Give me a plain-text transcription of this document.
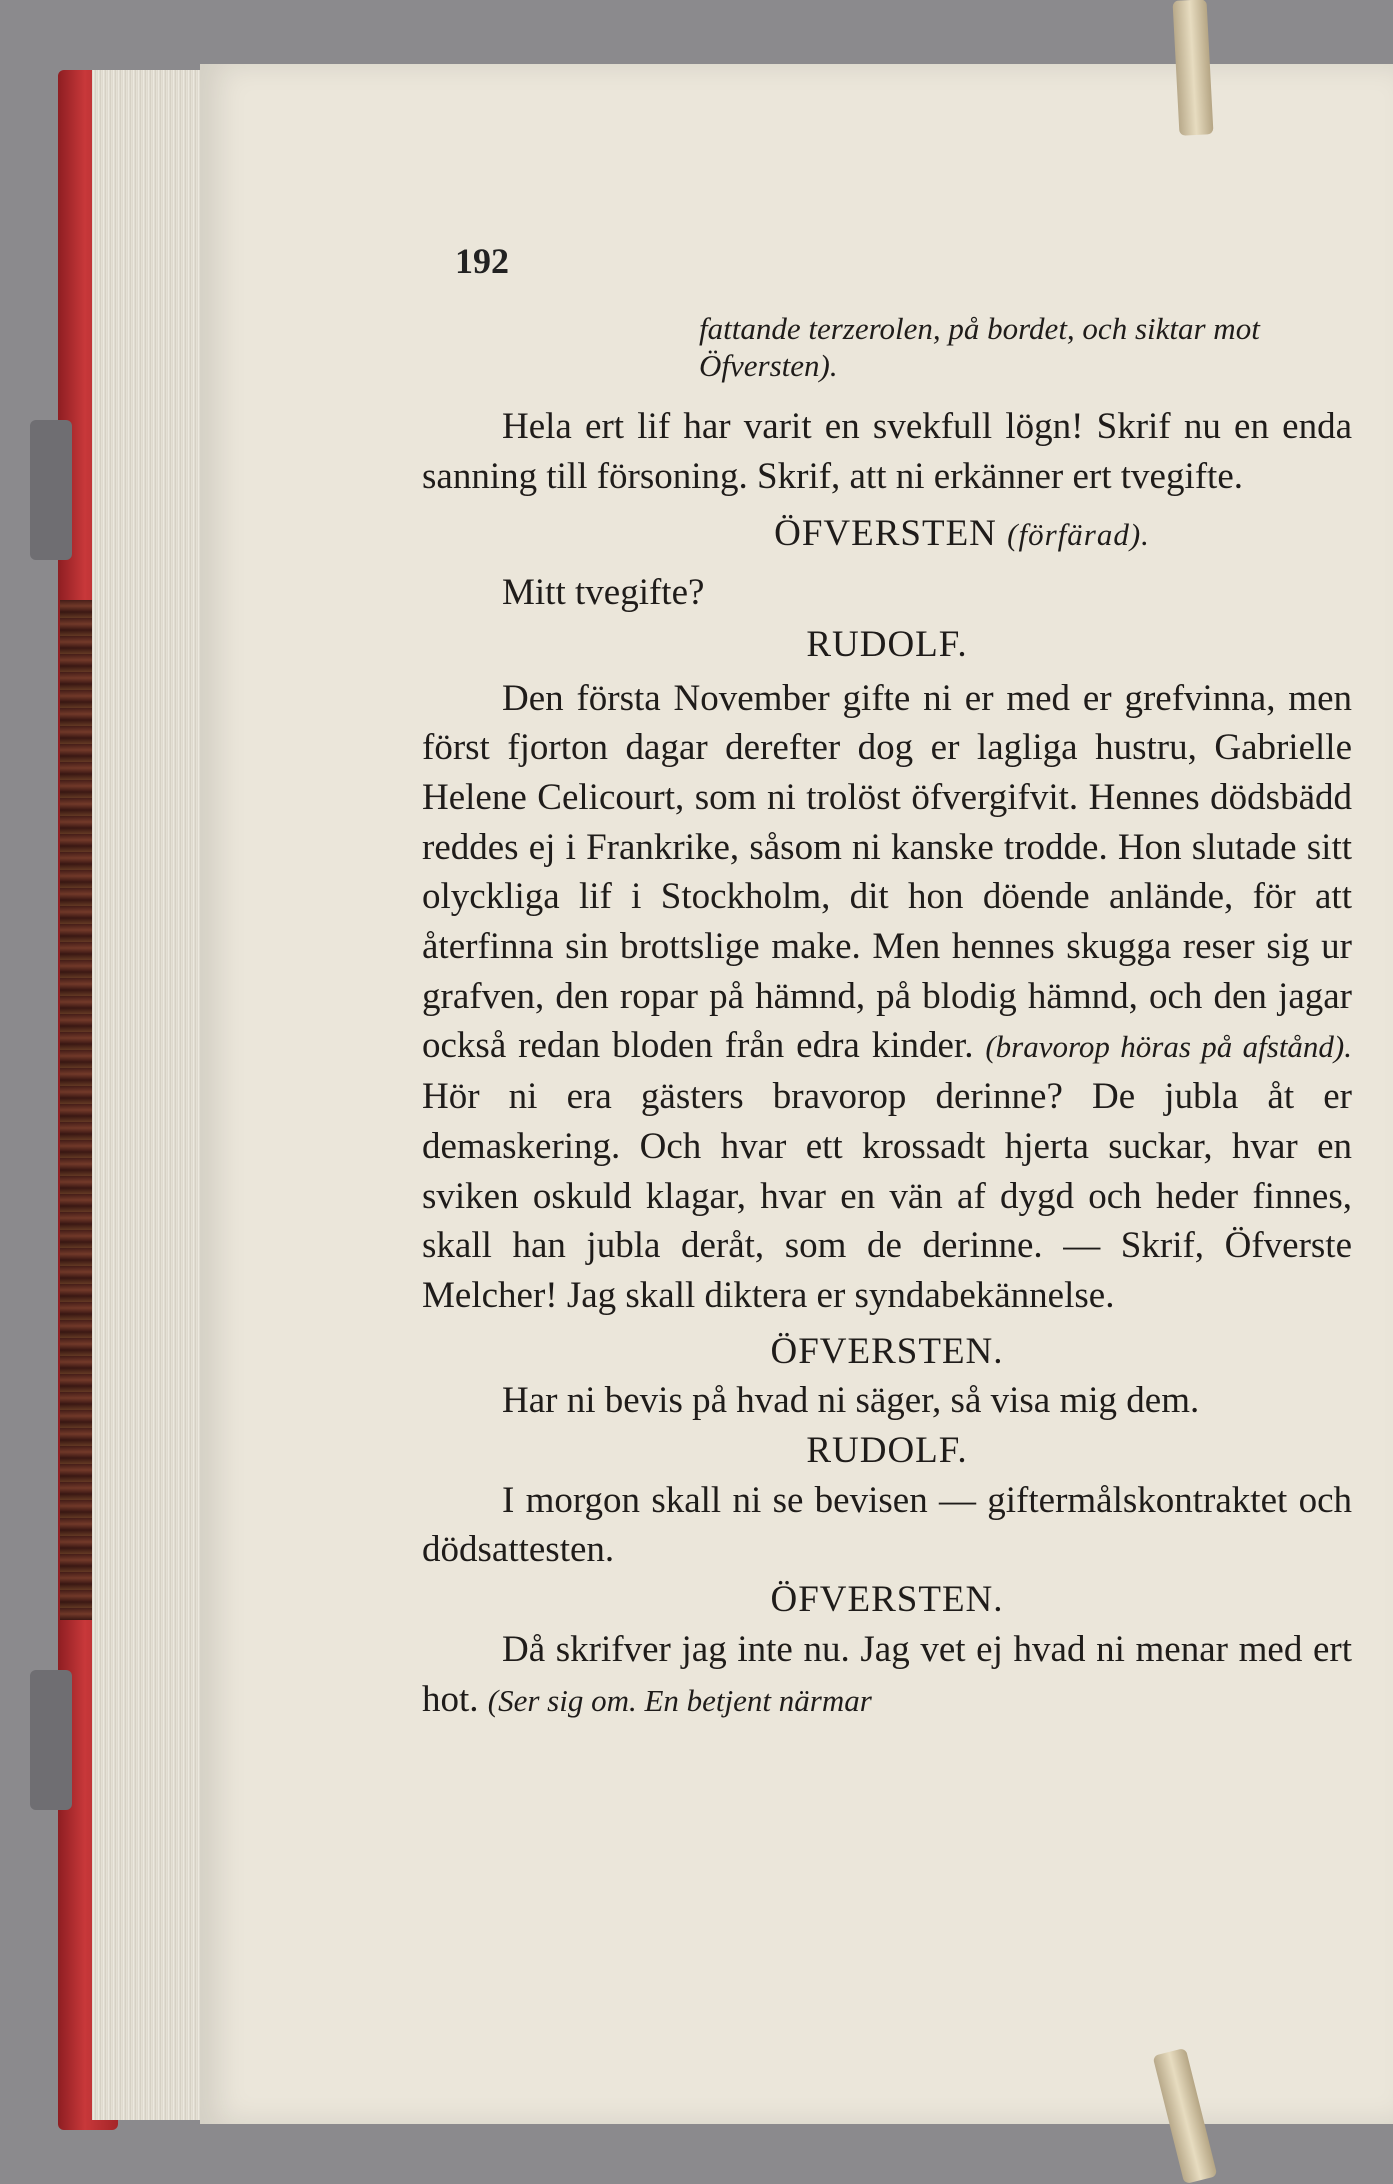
192
fattande terzerolen, på bordet, och siktar mot Öfversten).
Hela ert lif har varit en svekfull lögn! Skrif nu en enda sanning till försoning. Skrif, att ni erkänner ert tvegifte.
ÖFVERSTEN (förfärad).
Mitt tvegifte?
RUDOLF.
Den första November gifte ni er med er grefvinna, men först fjorton dagar derefter dog er lagliga hustru, Gabrielle Helene Celicourt, som ni trolöst öfvergifvit. Hennes dödsbädd reddes ej i Frankrike, såsom ni kanske trodde. Hon slutade sitt olyckliga lif i Stockholm, dit hon döende anlände, för att återfinna sin brottslige make. Men hennes skugga reser sig ur grafven, den ropar på hämnd, på blodig hämnd, och den jagar också redan bloden från edra kinder. (bravorop höras på afstånd). Hör ni era gästers bravorop derinne? De jubla åt er demaskering. Och hvar ett krossadt hjerta suckar, hvar en sviken oskuld klagar, hvar en vän af dygd och heder finnes, skall han jubla deråt, som de derinne. — Skrif, Öfverste Melcher! Jag skall diktera er syndabekännelse.
ÖFVERSTEN.
Har ni bevis på hvad ni säger, så visa mig dem.
RUDOLF.
I morgon skall ni se bevisen — giftermålskontraktet och dödsattesten.
ÖFVERSTEN.
Då skrifver jag inte nu. Jag vet ej hvad ni menar med ert hot. (Ser sig om. En betjent närmar
